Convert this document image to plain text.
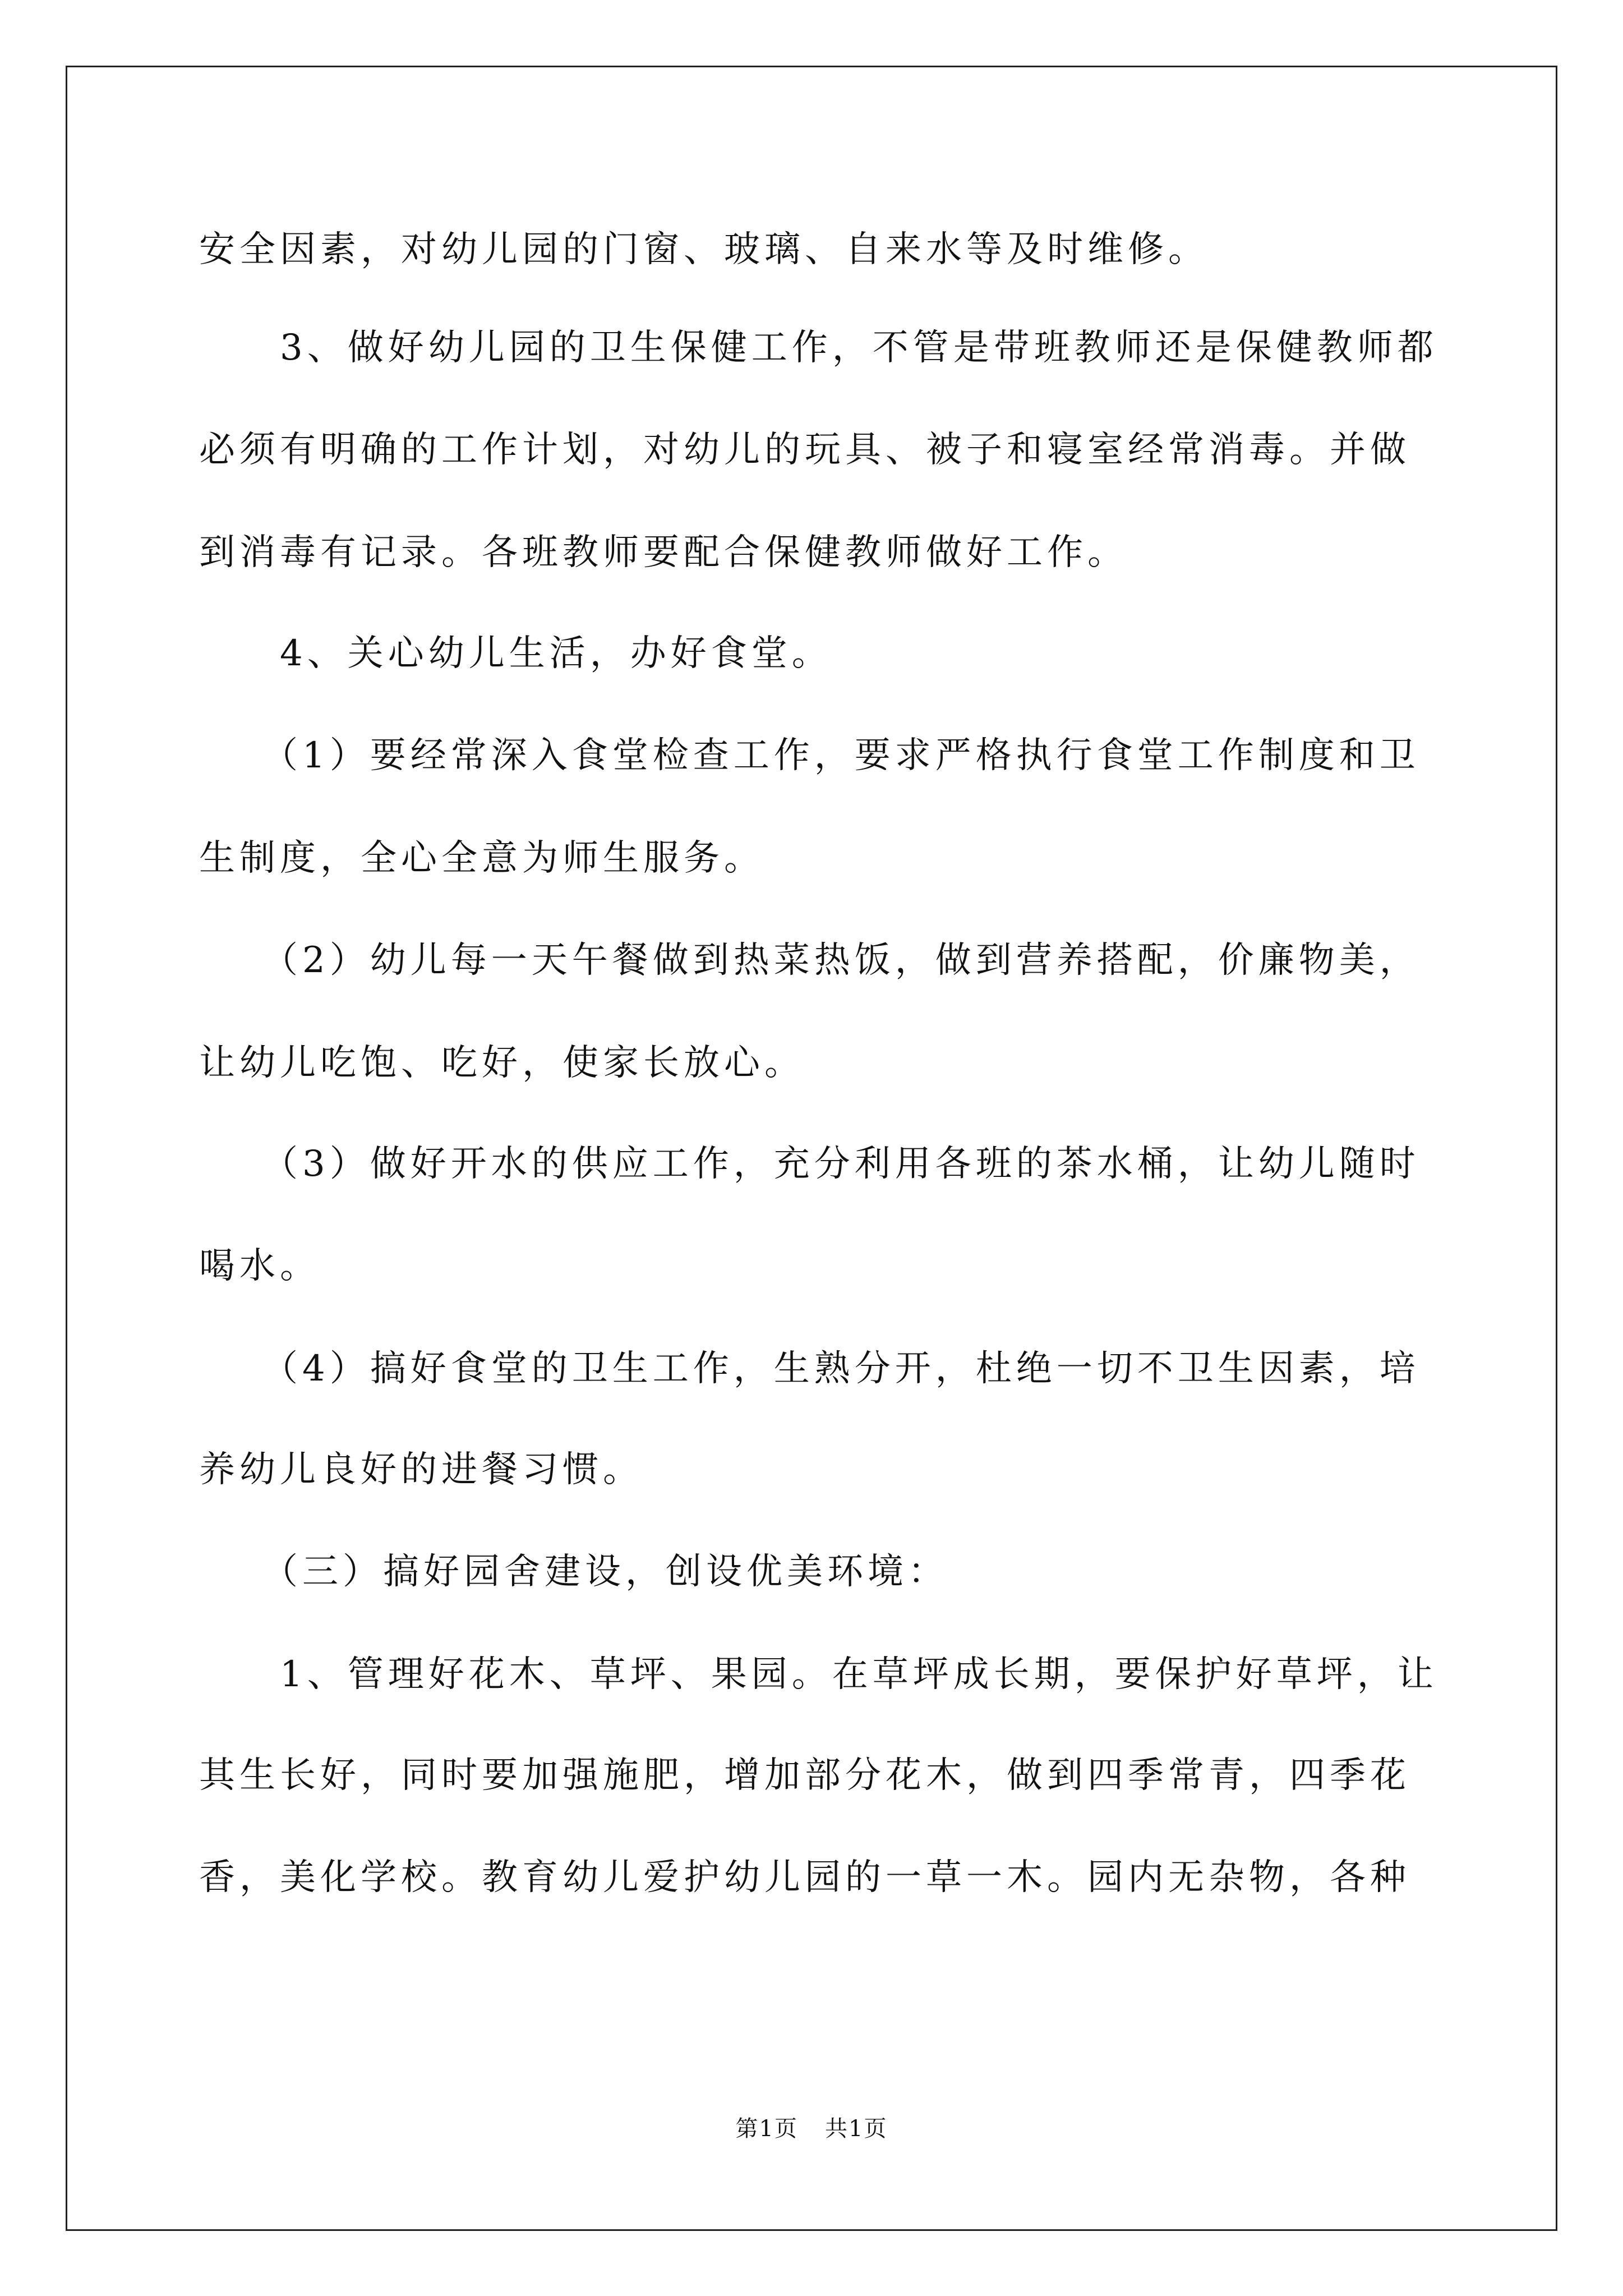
安全因素，对幼儿园的门窗、玻璃、自来水等及时维修。
　　3、做好幼儿园的卫生保健工作，不管是带班教师还是保健教师都
必须有明确的工作计划，对幼儿的玩具、被子和寝室经常消毒。并做
到消毒有记录。各班教师要配合保健教师做好工作。
　　4、关心幼儿生活，办好食堂。
　　（1）要经常深入食堂检查工作，要求严格执行食堂工作制度和卫
生制度，全心全意为师生服务。
　　（2）幼儿每一天午餐做到热菜热饭，做到营养搭配，价廉物美，
让幼儿吃饱、吃好，使家长放心。
　　（3）做好开水的供应工作，充分利用各班的茶水桶，让幼儿随时
喝水。
　　（4）搞好食堂的卫生工作，生熟分开，杜绝一切不卫生因素，培
养幼儿良好的进餐习惯。
　　（三）搞好园舍建设，创设优美环境：
　　1、管理好花木、草坪、果园。在草坪成长期，要保护好草坪，让
其生长好，同时要加强施肥，增加部分花木，做到四季常青，四季花
香，美化学校。教育幼儿爱护幼儿园的一草一木。园内无杂物，各种
第1页 共1页
